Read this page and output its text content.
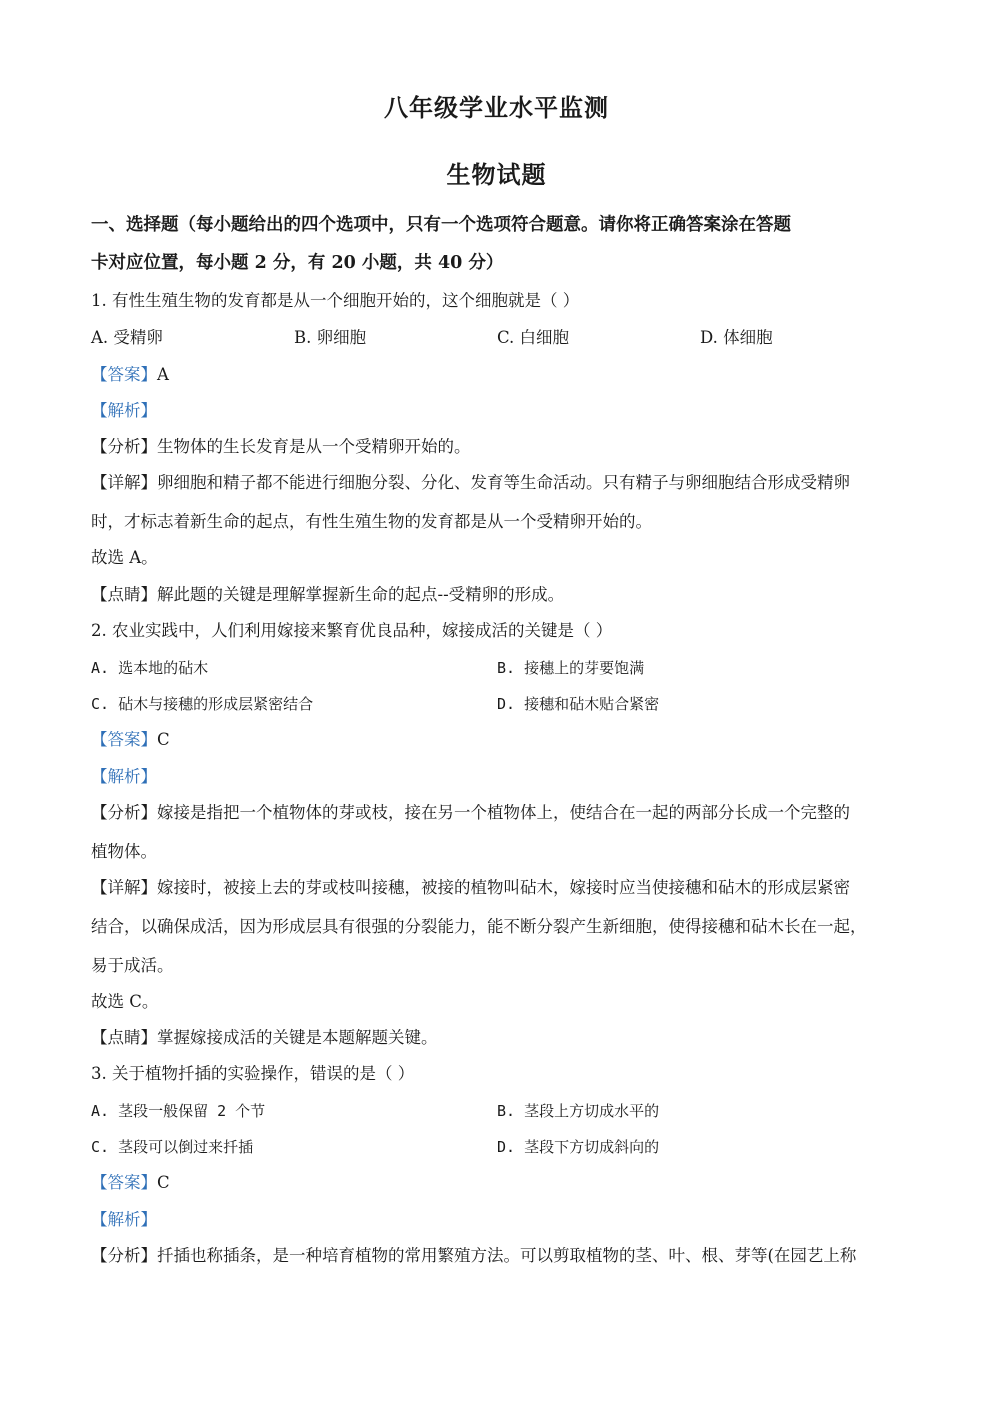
八年级学业水平监测
生物试题
一、选择题（每小题给出的四个选项中，只有一个选项符合题意。请你将正确答案涂在答题
卡对应位置，每小题 2 分，有 20 小题，共 40 分）
1. 有性生殖生物的发育都是从一个细胞开始的，这个细胞就是（ ）
A. 受精卵	B. 卵细胞	C. 白细胞	D. 体细胞
【答案】A
【解析】
【分析】生物体的生长发育是从一个受精卵开始的。
【详解】卵细胞和精子都不能进行细胞分裂、分化、发育等生命活动。只有精子与卵细胞结合形成受精卵
时，才标志着新生命的起点，有性生殖生物的发育都是从一个受精卵开始的。
故选 A。
【点睛】解此题的关键是理解掌握新生命的起点--受精卵的形成。
2. 农业实践中，人们利用嫁接来繁育优良品种，嫁接成活的关键是（ ）
A. 选本地的砧木	B. 接穗上的芽要饱满
C. 砧木与接穗的形成层紧密结合	D. 接穗和砧木贴合紧密
【答案】C
【解析】
【分析】嫁接是指把一个植物体的芽或枝，接在另一个植物体上，使结合在一起的两部分长成一个完整的
植物体。
【详解】嫁接时，被接上去的芽或枝叫接穗，被接的植物叫砧木，嫁接时应当使接穗和砧木的形成层紧密
结合，以确保成活，因为形成层具有很强的分裂能力，能不断分裂产生新细胞，使得接穗和砧木长在一起，
易于成活。
故选 C。
【点睛】掌握嫁接成活的关键是本题解题关键。
3. 关于植物扦插的实验操作，错误的是（ ）
A. 茎段一般保留 2 个节	B. 茎段上方切成水平的
C. 茎段可以倒过来扦插	D. 茎段下方切成斜向的
【答案】C
【解析】
【分析】扦插也称插条，是一种培育植物的常用繁殖方法。可以剪取植物的茎、叶、根、芽等(在园艺上称
